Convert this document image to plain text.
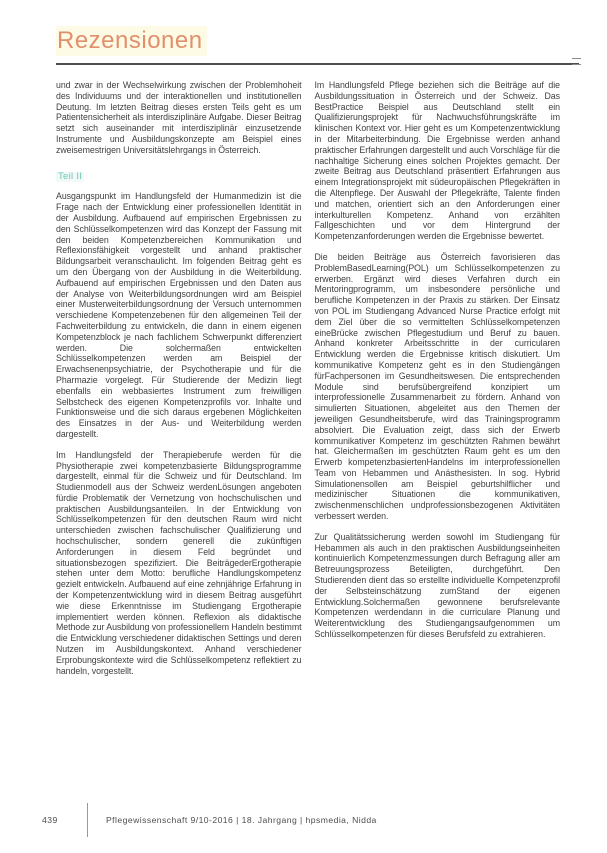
Rezensionen

und zwar in der Wechselwirkung zwischen der Problemhoheit des Individuums und der interaktionellen und institutionellen Deutung. Im letzten Beitrag dieses ersten Teils geht es um Patientensicherheit als interdisziplinäre Aufgabe. Dieser Beitrag setzt sich auseinander mit interdisziplinär einzusetzende Instrumente und Ausbildungskonzepte am Beispiel eines zweisemestrigen Universitätslehrgangs in Österreich.

Teil II

Ausgangspunkt im Handlungsfeld der Humanmedizin ist die Frage nach der Entwicklung einer professionellen Identität in der Ausbildung. Aufbauend auf empirischen Ergebnissen zu den Schlüsselkompetenzen wird das Konzept der Fassung mit den beiden Kompetenzbereichen Kommunikation und Reflexionsfähigkeit vorgestellt und anhand praktischer Bildungsarbeit veranschaulicht. Im folgenden Beitrag geht es um den Übergang von der Ausbildung in die Weiterbildung. Aufbauend auf empirischen Ergebnissen und den Daten aus der Analyse von Weiterbildungsordnungen wird am Beispiel einer Musterweiterbildungsordnung der Versuch unternommen verschiedene Kompetenzebenen für den allgemeinen Teil der Fachweiterbildung zu entwickeln, die dann in einem eigenen Kompetenzblock je nach fachlichem Schwerpunkt differenziert werden. Die solchermaßen entwickelten Schlüsselkompetenzen werden am Beispiel der Erwachsenenpsychiatrie, der Psychotherapie und für die Pharmazie vorgelegt. Für Studierende der Medizin liegt ebenfalls ein webbasiertes Instrument zum freiwilligen Selbstcheck des eigenen Kompetenzprofils vor. Inhalte und Funktionsweise und die sich daraus ergebenen Möglichkeiten des Einsatzes in der Aus- und Weiterbildung werden dargestellt.

Im Handlungsfeld der Therapieberufe werden für die Physiotherapie zwei kompetenzbasierte Bildungsprogramme dargestellt, einmal für die Schweiz und für Deutschland. Im Studienmodell aus der Schweiz werdenLösungen angeboten fürdie Problematik der Vernetzung von hochschulischen und praktischen Ausbildungsanteilen. In der Entwicklung von Schlüsselkompetenzen für den deutschen Raum wird nicht unterschieden zwischen fachschulischer Qualifizierung und hochschulischer, sondern generell die zukünftigen Anforderungen in diesem Feld begründet und situationsbezogen spezifiziert. Die BeiträgederErgotherapie stehen unter dem Motto: berufliche Handlungskompetenz gezielt entwickeln. Aufbauend auf eine zehnjährige Erfahrung in der Kompetenzentwicklung wird in diesem Beitrag ausgeführt wie diese Erkenntnisse im Studiengang Ergotherapie implementiert werden können. Reflexion als didaktische Methode zur Ausbildung von professionellem Handeln bestimmt die Entwicklung verschiedener didaktischen Settings und deren Nutzen im Ausbildungskontext. Anhand verschiedener Erprobungskontexte wird die Schlüsselkompetenz reflektiert zu handeln, vorgestellt.

Im Handlungsfeld Pflege beziehen sich die Beiträge auf die Ausbildungssituation in Österreich und der Schweiz. Das BestPractice Beispiel aus Deutschland stellt ein Qualifizierungsprojekt für Nachwuchsführungskräfte im klinischen Kontext vor. Hier geht es um Kompetenzentwicklung in der Mitarbeiterbindung. Die Ergebnisse werden anhand praktischer Erfahrungen dargestellt und auch Vorschläge für die nachhaltige Sicherung eines solchen Projektes gemacht. Der zweite Beitrag aus Deutschland präsentiert Erfahrungen aus einem Integrationsprojekt mit südeuropäischen Pflegekräften in die Altenpflege. Der Auswahl der Pflegekräfte, Talente finden und matchen, orientiert sich an den Anforderungen einer interkulturellen Kompetenz. Anhand von erzählten Fallgeschichten und vor dem Hintergrund der Kompetenzanforderungen werden die Ergebnisse bewertet.

Die beiden Beiträge aus Österreich favorisieren das ProblemBasedLearning(POL) um Schlüsselkompetenzen zu erwerben. Ergänzt wird dieses Verfahren durch ein Mentoringprogramm, um insbesondere persönliche und berufliche Kompetenzen in der Praxis zu stärken. Der Einsatz von POL im Studiengang Advanced Nurse Practice erfolgt mit dem Ziel über die so vermittelten Schlüsselkompetenzen eineBrücke zwischen Pflegestudium und Beruf zu bauen. Anhand konkreter Arbeitsschritte in der curricularen Entwicklung werden die Ergebnisse kritisch diskutiert. Um kommunikative Kompetenz geht es in den Studiengängen fürFachpersonen im Gesundheitswesen. Die entsprechenden Module sind berufsübergreifend konzipiert um interprofessionelle Zusammenarbeit zu fördern. Anhand von simulierten Situationen, abgeleitet aus den Themen der jeweiligen Gesundheitsberufe, wird das Trainingsprogramm absolviert. Die Evaluation zeigt, dass sich der Erwerb kommunikativer Kompetenz im geschützten Rahmen bewährt hat. Gleichermaßen im geschützten Raum geht es um den Erwerb kompetenzbasiertenHandelns im interprofessionellen Team von Hebammen und Anästhesisten. In sog. Hybrid Simulationensollen am Beispiel geburtshilflicher und medizinischer Situationen die kommunikativen, zwischenmenschlichen undprofessionsbezogenen Aktivitäten verbessert werden.

Zur Qualitätssicherung werden sowohl im Studiengang für Hebammen als auch in den praktischen Ausbildungseinheiten kontinuierlich Kompetenzmessungen durch Befragung aller am Betreuungsprozess Beteiligten, durchgeführt. Den Studierenden dient das so erstellte individuelle Kompetenzprofil der Selbsteinschätzung zumStand der eigenen Entwicklung.Solchermaßen gewonnene berufsrelevante Kompetenzen werdendann in die curriculare Planung und Weiterentwicklung des Studiengangsaufgenommen um Schlüsselkompetenzen für dieses Berufsfeld zu extrahieren.

439	Pflegewissenschaft 9/10-2016 | 18. Jahrgang | hpsmedia, Nidda
